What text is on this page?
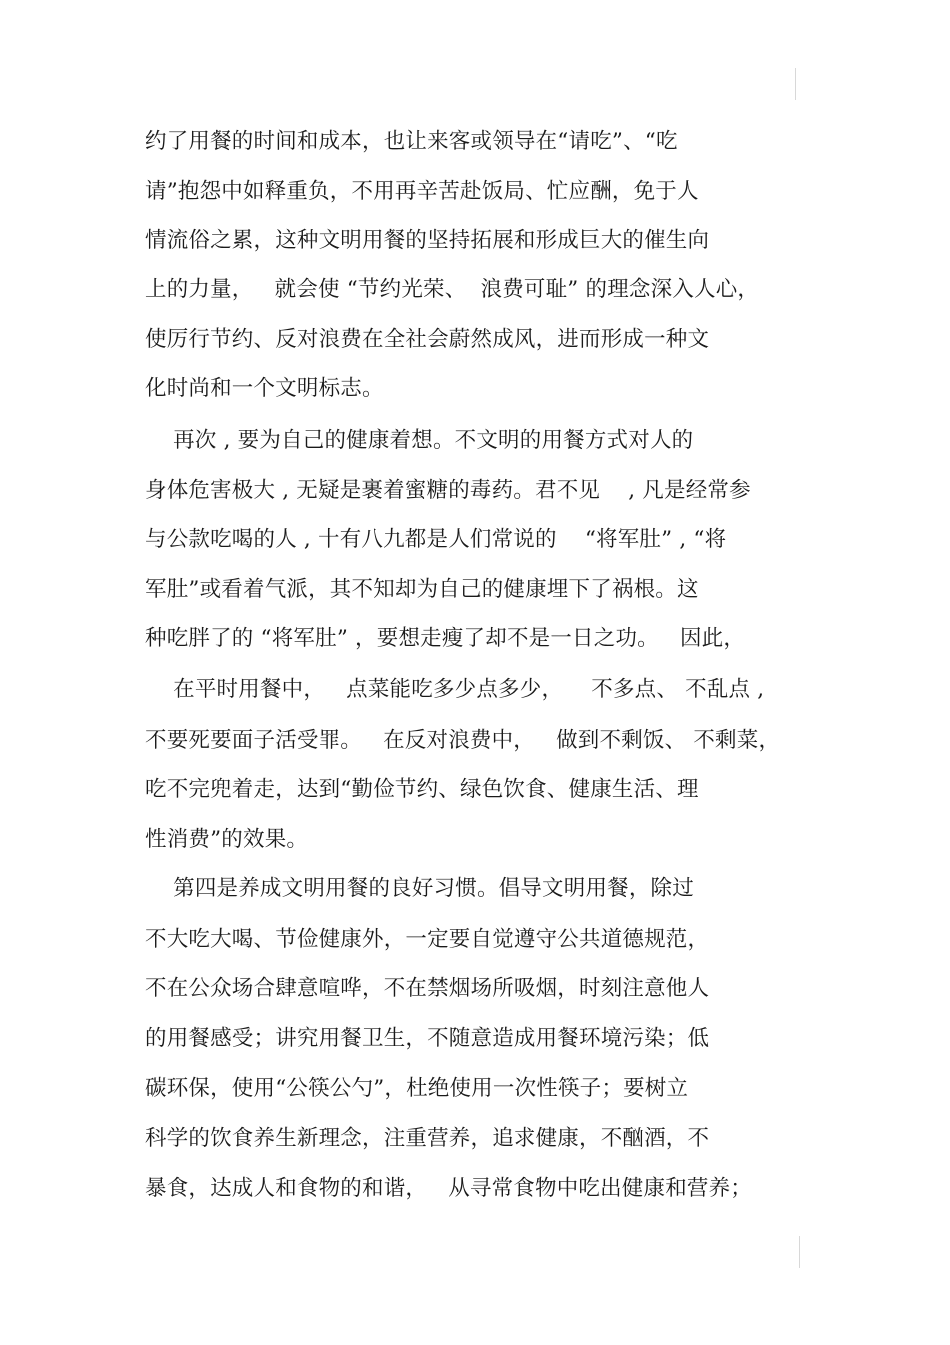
约了用餐的时间和成本，也让来客或领导在“请吃”、“吃
请”抱怨中如释重负，不用再辛苦赴饭局、忙应酬，免于人
情流俗之累，这种文明用餐的坚持拓展和形成巨大的催生向
上的力量，   就会使 “节约光荣、  浪费可耻” 的理念深入人心，
使厉行节约、反对浪费在全社会蔚然成风，进而形成一种文
化时尚和一个文明标志。
再次 , 要为自己的健康着想。不文明的用餐方式对人的
身体危害极大 , 无疑是裹着蜜糖的毒药。君不见    , 凡是经常参
与公款吃喝的人 , 十有八九都是人们常说的    “将军肚” , “将
军肚”或看着气派，其不知却为自己的健康埋下了祸根。这
种吃胖了的 “将军肚” ，要想走瘦了却不是一日之功。   因此，
在平时用餐中，   点菜能吃多少点多少，    不多点、 不乱点 ,
不要死要面子活受罪。   在反对浪费中，   做到不剩饭、 不剩菜，
吃不完兜着走，达到“勤俭节约、绿色饮食、健康生活、理
性消费”的效果。
第四是养成文明用餐的良好习惯。倡导文明用餐，除过
不大吃大喝、节俭健康外，一定要自觉遵守公共道德规范，
不在公众场合肆意喧哗，不在禁烟场所吸烟，时刻注意他人
的用餐感受；讲究用餐卫生，不随意造成用餐环境污染；低
碳环保，使用“公筷公勺”，杜绝使用一次性筷子；要树立
科学的饮食养生新理念，注重营养，追求健康，不酗酒，不
暴食，达成人和食物的和谐，   从寻常食物中吃出健康和营养；
